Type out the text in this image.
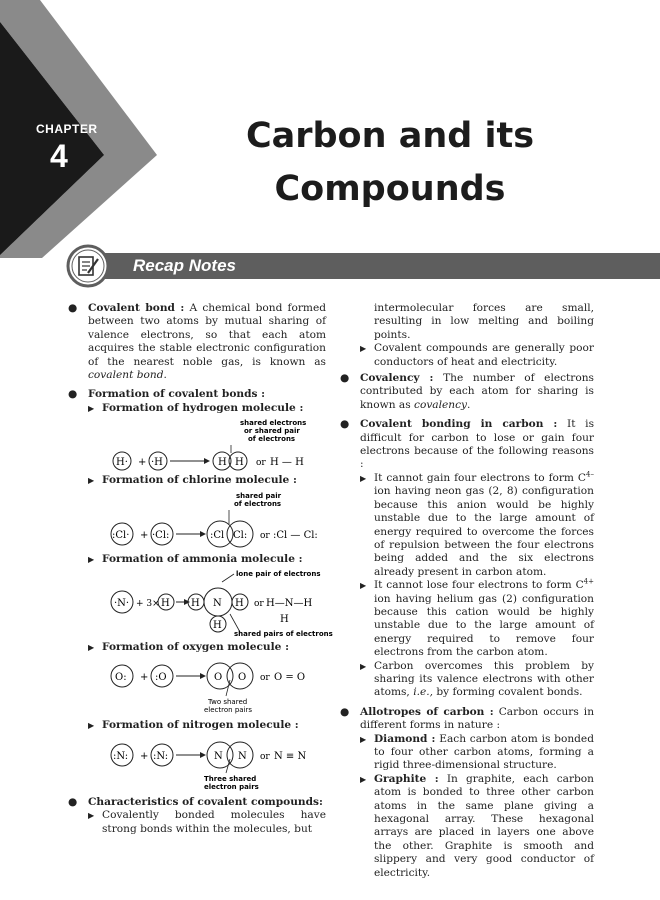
CHAPTER
4	Carbon and its
Compounds
Recap Notes
● Covalent bond : A chemical bond formed between two atoms by mutual sharing of valence electrons, so that each atom acquires the stable electronic configuration of the nearest noble gas, is known as covalent bond.
● Formation of covalent bonds :
▶ Formation of hydrogen molecule :
shared electrons
or shared pair
of electrons
H· + ·H	H H or H — H
▶ Formation of chlorine molecule :
shared pair
of electrons
:Cl· + ·Cl:	:Cl Cl: or :Cl — Cl:
▶ Formation of ammonia molecule :
lone pair of electrons
·N· + 3× H H N H
H
or H—N—H
H
shared pairs of electrons
▶ Formation of oxygen molecule :
O: + :O	O O or O = O
Two shared
electron pairs
▶ Formation of nitrogen molecule :
:N: + :N:	N N or N ≡ N
Three shared
electron pairs
● Characteristics of covalent compounds:
▶ Covalently bonded molecules have strong bonds within the molecules, but
intermolecular forces are small, resulting in low melting and boiling points.
▶ Covalent compounds are generally poor conductors of heat and electricity.
● Covalency : The number of electrons contributed by each atom for sharing is known as covalency.
● Covalent bonding in carbon : It is difficult for carbon to lose or gain four electrons because of the following reasons :
▶ It cannot gain four electrons to form $C^{4-}$ ion having neon gas (2, 8) configuration because this anion would be highly unstable due to the large amount of energy required to overcome the forces of repulsion between the four electrons being added and the six electrons already present in carbon atom.
▶ It cannot lose four electrons to form $C^{4+}$ ion having helium gas (2) configuration because this cation would be highly unstable due to the large amount of energy required to remove four electrons from the carbon atom.
▶ Carbon overcomes this problem by sharing its valence electrons with other atoms, i.e., by forming covalent bonds.
● Allotropes of carbon : Carbon occurs in different forms in nature :
▶ Diamond : Each carbon atom is bonded to four other carbon atoms, forming a rigid three-dimensional structure.
▶ Graphite : In graphite, each carbon atom is bonded to three other carbon atoms in the same plane giving a hexagonal array. These hexagonal arrays are placed in layers one above the other. Graphite is smooth and slippery and very good conductor of electricity.
